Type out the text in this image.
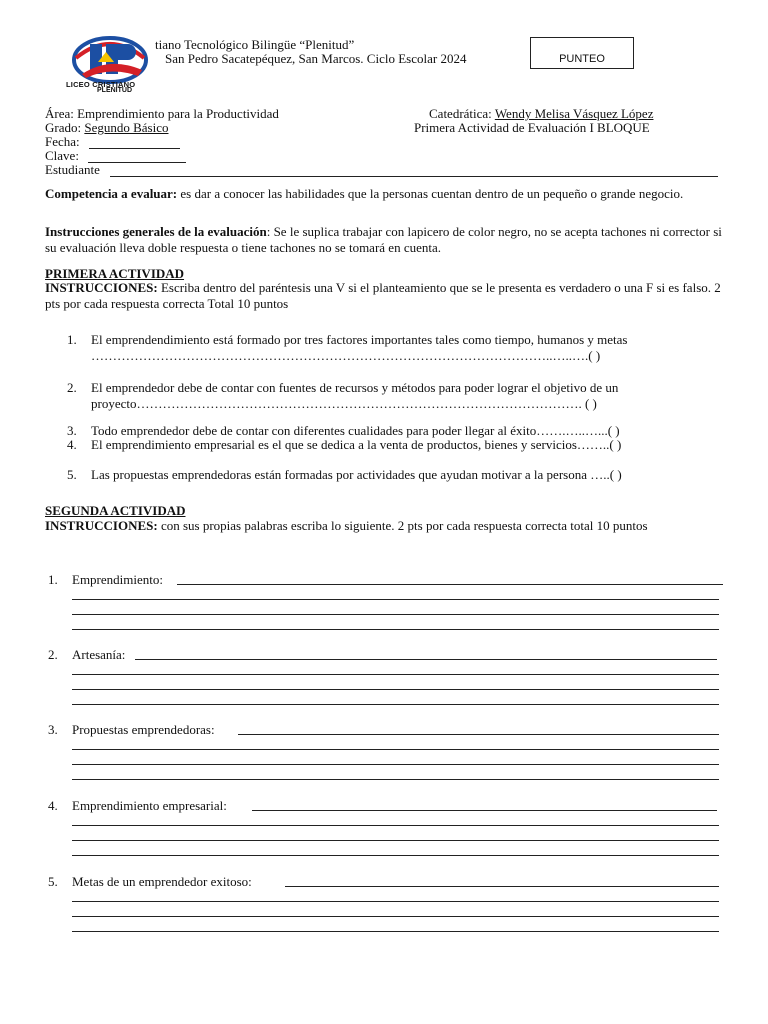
LICEO CRISTIANO
PLENITUD
tiano Tecnológico Bilingüe “Plenitud”
San Pedro Sacatepéquez, San Marcos. Ciclo Escolar 2024	PUNTEO
Área: Emprendimiento para la Productividad	Catedrática: Wendy Melisa Vásquez López
Grado: Segundo Básico	Primera Actividad de Evaluación I BLOQUE
Fecha:
Clave:
Estudiante
Competencia a evaluar: es dar a conocer las habilidades que la personas cuentan dentro de un pequeño o grande negocio.
Instrucciones generales de la evaluación: Se le suplica trabajar con lapicero de color negro, no se acepta tachones ni corrector si su evaluación lleva doble respuesta o tiene tachones no se tomará en cuenta.
PRIMERA ACTIVIDAD
INSTRUCCIONES: Escriba dentro del paréntesis una V si el planteamiento que se le presenta es verdadero o una F si es falso. 2 pts por cada respuesta correcta Total 10 puntos
1. El emprendendimiento está formado por tres factores importantes tales como tiempo, humanos y metas
……………………………………………………………………………………………..…..….( )
2. El emprendedor debe de contar con fuentes de recursos y métodos para poder lograr el objetivo de un
proyecto…………………………………………………………………………………………. ( )
3. Todo emprendedor debe de contar con diferentes cualidades para poder llegar al éxito…….…..…...( )
4. El emprendimiento empresarial es el que se dedica a la venta de productos, bienes y servicios……..( )
5. Las propuestas emprendedoras están formadas por actividades que ayudan motivar a la persona …..( )
SEGUNDA ACTIVIDAD
INSTRUCCIONES: con sus propias palabras escriba lo siguiente. 2 pts por cada respuesta correcta total 10 puntos
1. Emprendimiento:
2. Artesanía:
3. Propuestas emprendedoras:
4. Emprendimiento empresarial:
5. Metas de un emprendedor exitoso:
